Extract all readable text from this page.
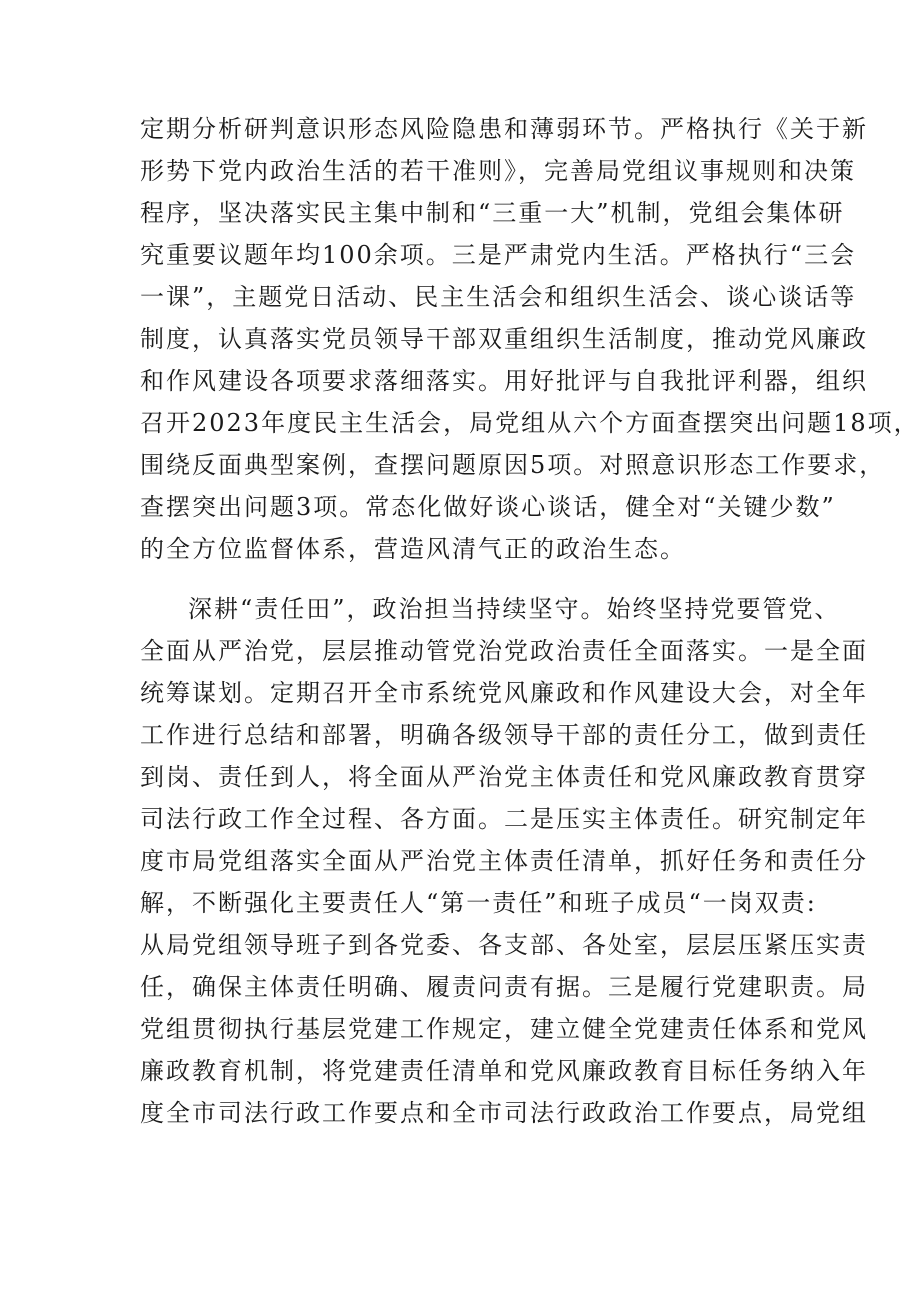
定期分析研判意识形态风险隐患和薄弱环节。严格执行《关于新
形势下党内政治生活的若干准则》，完善局党组议事规则和决策
程序，坚决落实民主集中制和“三重一大”机制，党组会集体研
究重要议题年均100余项。三是严肃党内生活。严格执行“三会
一课”，主题党日活动、民主生活会和组织生活会、谈心谈话等
制度，认真落实党员领导干部双重组织生活制度，推动党风廉政
和作风建设各项要求落细落实。用好批评与自我批评利器，组织
召开2023年度民主生活会，局党组从六个方面查摆突出问题18项，
围绕反面典型案例，查摆问题原因5项。对照意识形态工作要求，
查摆突出问题3项。常态化做好谈心谈话，健全对“关键少数”
的全方位监督体系，营造风清气正的政治生态。
深耕“责任田”，政治担当持续坚守。始终坚持党要管党、
全面从严治党，层层推动管党治党政治责任全面落实。一是全面
统筹谋划。定期召开全市系统党风廉政和作风建设大会，对全年
工作进行总结和部署，明确各级领导干部的责任分工，做到责任
到岗、责任到人，将全面从严治党主体责任和党风廉政教育贯穿
司法行政工作全过程、各方面。二是压实主体责任。研究制定年
度市局党组落实全面从严治党主体责任清单，抓好任务和责任分
解，不断强化主要责任人“第一责任”和班子成员“一岗双责:
从局党组领导班子到各党委、各支部、各处室，层层压紧压实责
任，确保主体责任明确、履责问责有据。三是履行党建职责。局
党组贯彻执行基层党建工作规定，建立健全党建责任体系和党风
廉政教育机制，将党建责任清单和党风廉政教育目标任务纳入年
度全市司法行政工作要点和全市司法行政政治工作要点，局党组
